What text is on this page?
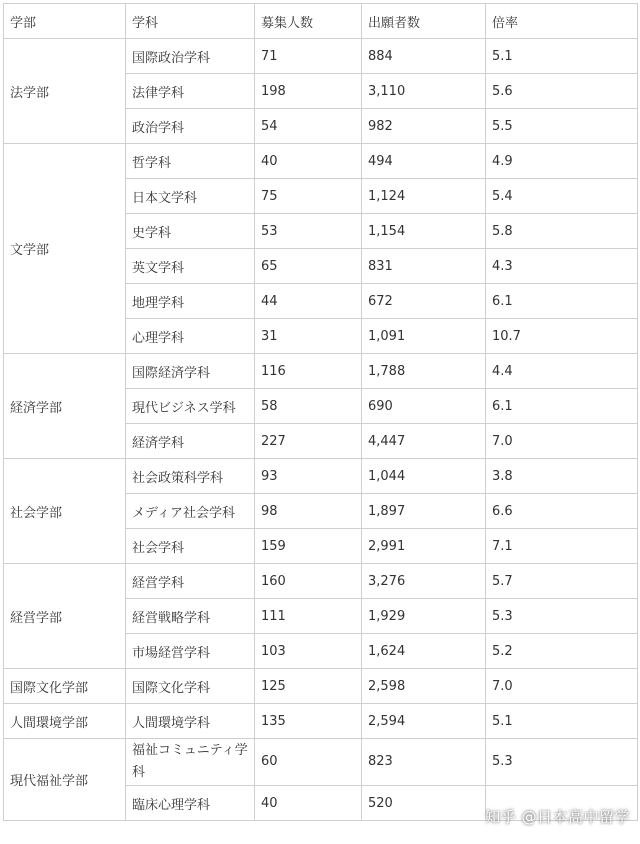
学部	学科	募集人数	出願者数	倍率
法学部	国際政治学科	71	884	5.1
	法律学科	198	3,110	5.6
	政治学科	54	982	5.5
文学部	哲学科	40	494	4.9
	日本文学科	75	1,124	5.4
	史学科	53	1,154	5.8
	英文学科	65	831	4.3
	地理学科	44	672	6.1
	心理学科	31	1,091	10.7
経済学部	国際経済学科	116	1,788	4.4
	現代ビジネス学科	58	690	6.1
	経済学科	227	4,447	7.0
社会学部	社会政策科学科	93	1,044	3.8
	メディア社会学科	98	1,897	6.6
	社会学科	159	2,991	7.1
経営学部	経営学科	160	3,276	5.7
	経営戦略学科	111	1,929	5.3
	市場経営学科	103	1,624	5.2
国際文化学部	国際文化学科	125	2,598	7.0
人間環境学部	人間環境学科	135	2,594	5.1
現代福祉学部	福祉コミュニティ学科	60	823	5.3
	臨床心理学科	40	520	
知乎 @日本高中留学
